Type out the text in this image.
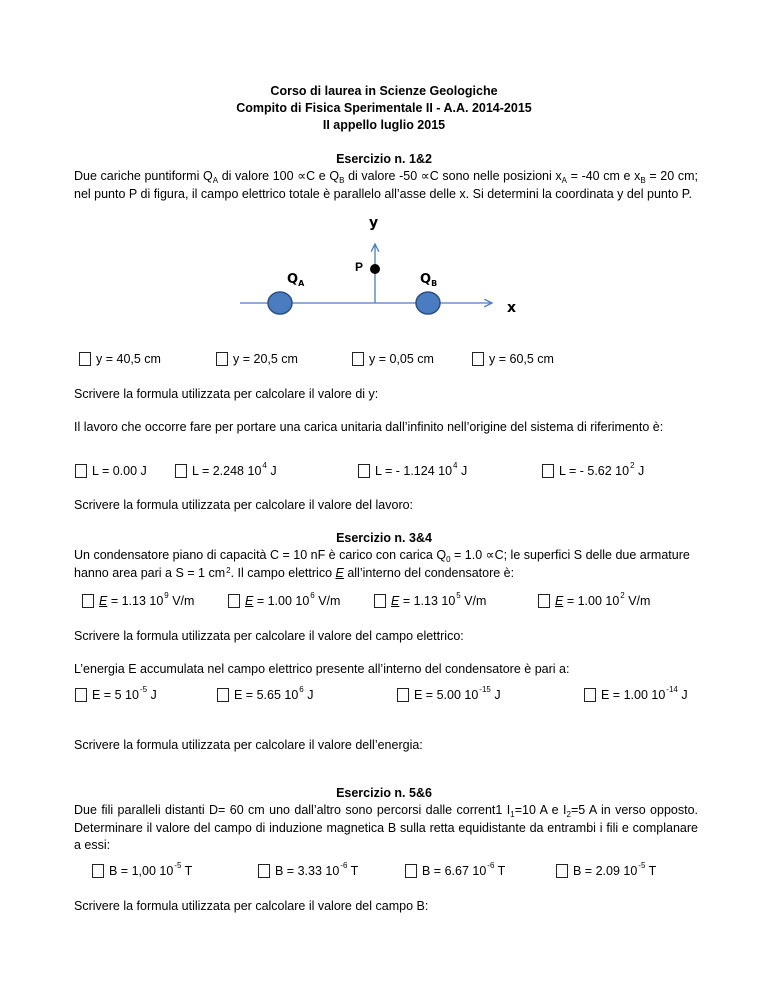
Corso di laurea in Scienze Geologiche
Compito di Fisica Sperimentale II - A.A. 2014-2015
II appello luglio 2015
Esercizio n. 1&2
Due cariche puntiformi $Q_A$ di valore 100 ∝C e $Q_B$ di valore -50 ∝C sono nelle posizioni $x_A = -40$ cm e $x_B = 20$ cm; nel punto P di figura, il campo elettrico totale è parallelo all’asse delle x. Si determini la coordinata y del punto P.
y
x
P
$Q_A$	$Q_B$
y = 40,5 cm	y = 20,5 cm	y = 0,05 cm	y = 60,5 cm
Scrivere la formula utilizzata per calcolare il valore di y:
Il lavoro che occorre fare per portare una carica unitaria dall’infinito nell’origine del sistema di riferimento è:
L = 0.00 J	L = 2.248 $10^4$ J	L = - 1.124 $10^4$ J	L = - 5.62 $10^2$ J
Scrivere la formula utilizzata per calcolare il valore del lavoro:
Esercizio n. 3&4
Un condensatore piano di capacità C = 10 nF è carico con carica $Q_0 = 1.0 \propto C$; le superfici S delle due armature hanno area pari a S = 1 $cm^2$. Il campo elettrico E all’interno del condensatore è:
E = 1.13 $10^9$ V/m	E = 1.00 $10^6$ V/m	E = 1.13 $10^5$ V/m	E = 1.00 $10^2$ V/m
Scrivere la formula utilizzata per calcolare il valore del campo elettrico:
L’energia E accumulata nel campo elettrico presente all’interno del condensatore è pari a:
E = 5 $10^{-5}$ J	E = 5.65 $10^6$ J	E = 5.00 $10^{-15}$ J	E = 1.00 $10^{-14}$ J
Scrivere la formula utilizzata per calcolare il valore dell’energia:
Esercizio n. 5&6
Due fili paralleli distanti D= 60 cm uno dall’altro sono percorsi dalle corrent1 $I_1=10$ A e $I_2=5$ A in verso opposto. Determinare il valore del campo di induzione magnetica B sulla retta equidistante da entrambi i fili e complanare a essi:
B = 1,00 $10^{-5}$ T	B = 3.33 $10^{-6}$ T	B = 6.67 $10^{-6}$ T	B = 2.09 $10^{-5}$ T
Scrivere la formula utilizzata per calcolare il valore del campo B:
